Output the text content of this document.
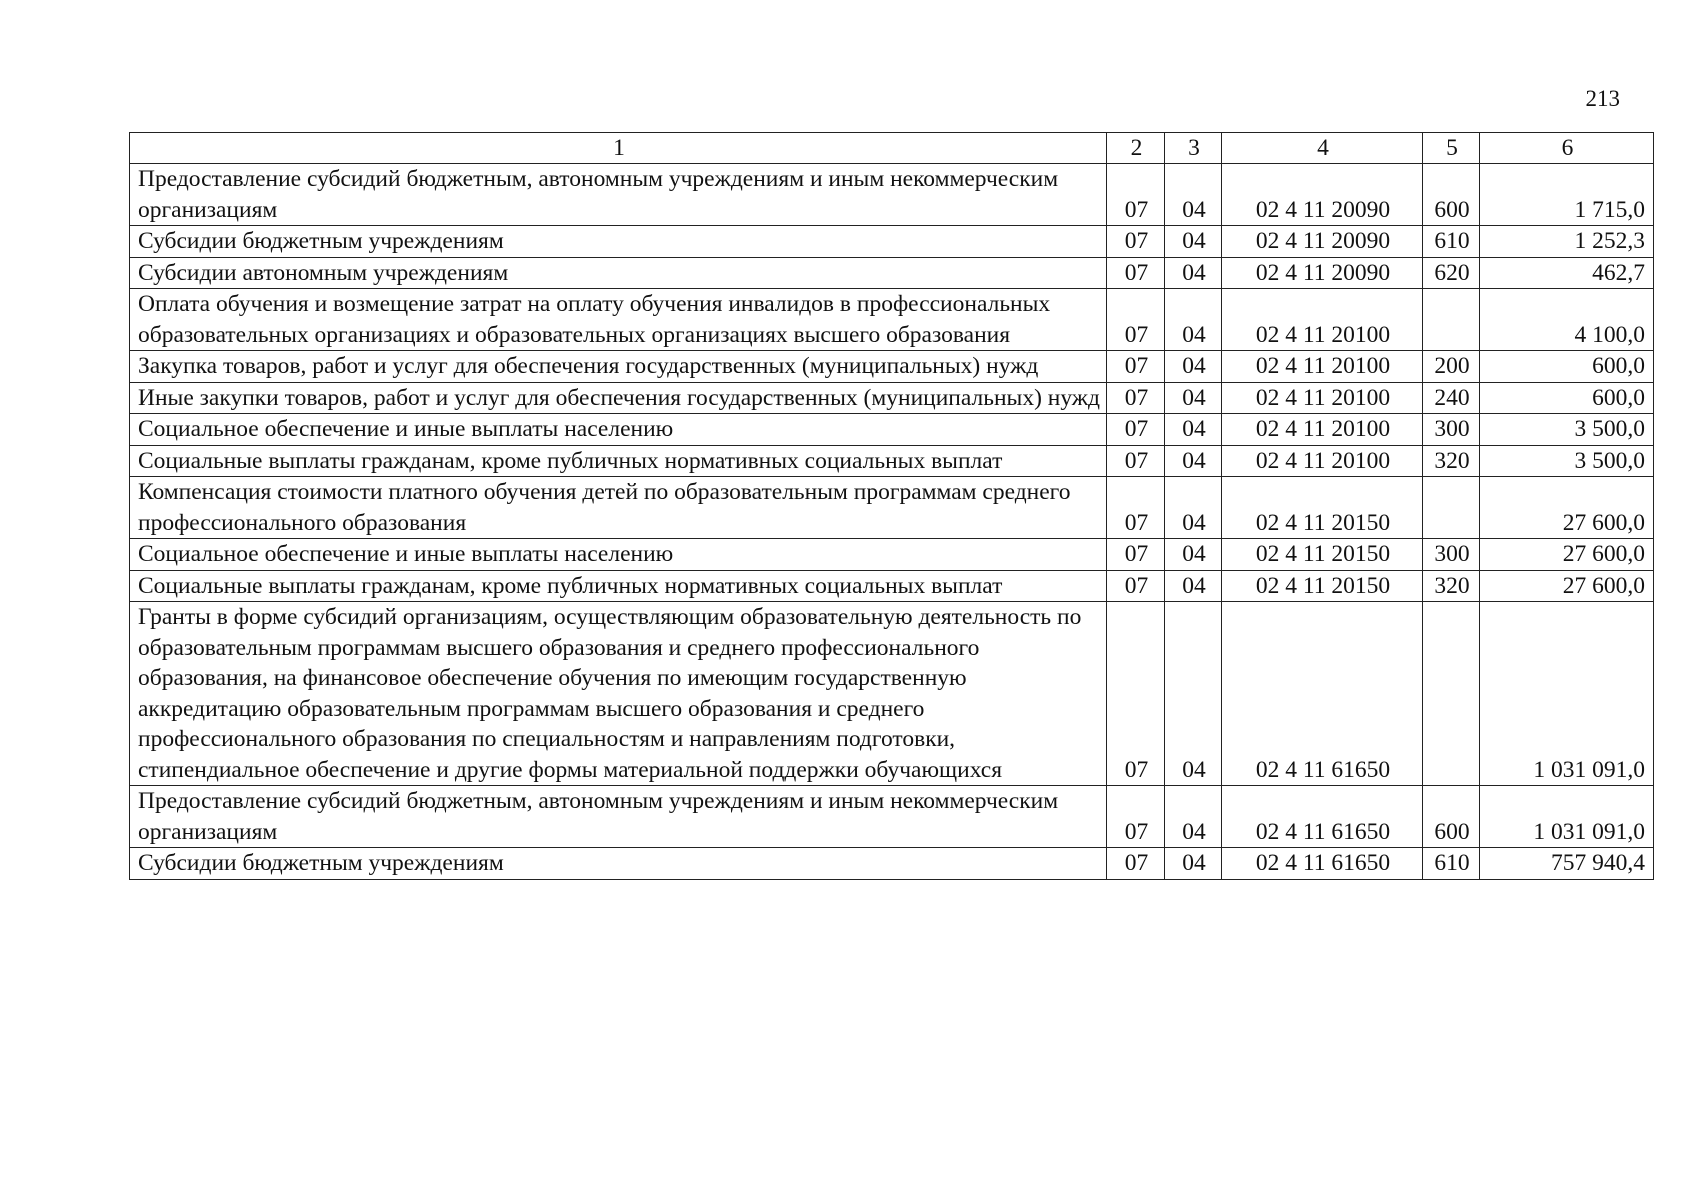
213
1	2	3	4	5	6
Предоставление субсидий бюджетным, автономным учреждениям и иным некоммерческим организациям	07	04	02 4 11 20090	600	1 715,0
Субсидии бюджетным учреждениям	07	04	02 4 11 20090	610	1 252,3
Субсидии автономным учреждениям	07	04	02 4 11 20090	620	462,7
Оплата обучения и возмещение затрат на оплату обучения инвалидов в профессиональных образовательных организациях и образовательных организациях высшего образования	07	04	02 4 11 20100		4 100,0
Закупка товаров, работ и услуг для обеспечения государственных (муниципальных) нужд	07	04	02 4 11 20100	200	600,0
Иные закупки товаров, работ и услуг для обеспечения государственных (муниципальных) нужд	07	04	02 4 11 20100	240	600,0
Социальное обеспечение и иные выплаты населению	07	04	02 4 11 20100	300	3 500,0
Социальные выплаты гражданам, кроме публичных нормативных социальных выплат	07	04	02 4 11 20100	320	3 500,0
Компенсация стоимости платного обучения детей по образовательным программам среднего профессионального образования	07	04	02 4 11 20150		27 600,0
Социальное обеспечение и иные выплаты населению	07	04	02 4 11 20150	300	27 600,0
Социальные выплаты гражданам, кроме публичных нормативных социальных выплат	07	04	02 4 11 20150	320	27 600,0
Гранты в форме субсидий организациям, осуществляющим образовательную деятельность по образовательным программам высшего образования и среднего профессионального образования, на финансовое обеспечение обучения по имеющим государственную аккредитацию образовательным программам высшего образования и среднего профессионального образования по специальностям и направлениям подготовки, стипендиальное обеспечение и другие формы материальной поддержки обучающихся	07	04	02 4 11 61650		1 031 091,0
Предоставление субсидий бюджетным, автономным учреждениям и иным некоммерческим организациям	07	04	02 4 11 61650	600	1 031 091,0
Субсидии бюджетным учреждениям	07	04	02 4 11 61650	610	757 940,4
